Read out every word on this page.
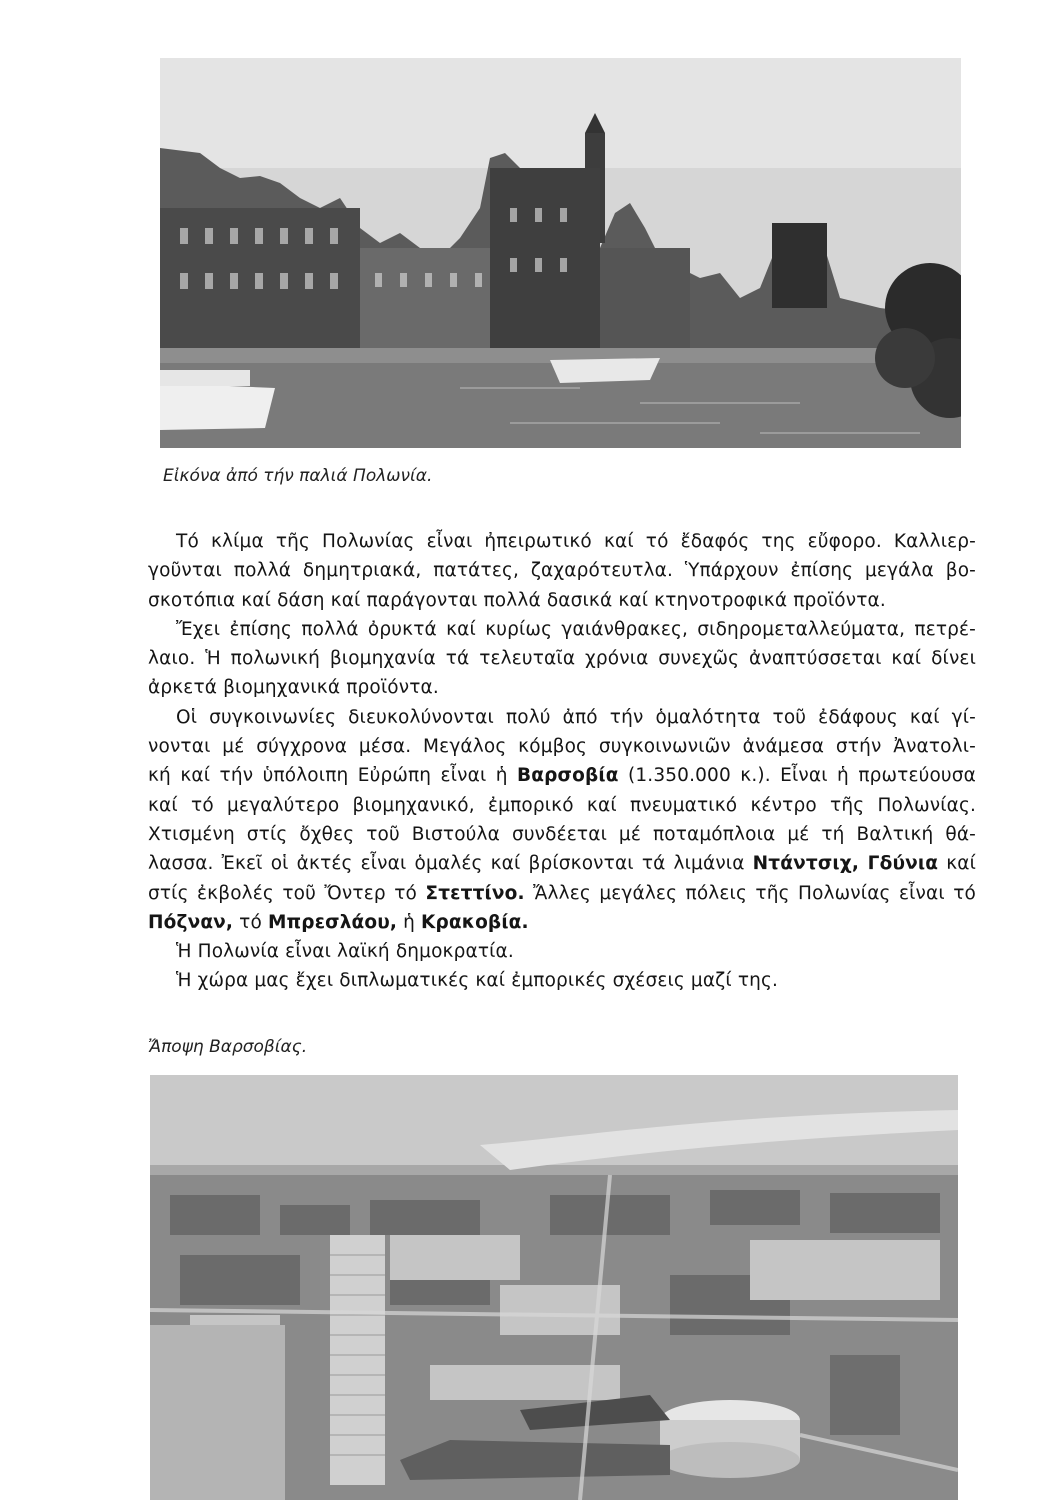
Εἰκόνα ἀπό τήν παλιά Πολωνία.
Τό κλίμα τῆς Πολωνίας εἶναι ἠπειρωτικό καί τό ἔδαφός της εὔφορο. Καλλιερ-
γοῦνται πολλά δημητριακά, πατάτες, ζαχαρότευτλα. Ὑπάρχουν ἐπίσης μεγάλα βο-
σκοτόπια καί δάση καί παράγονται πολλά δασικά καί κτηνοτροφικά προϊόντα.
Ἔχει ἐπίσης πολλά ὀρυκτά καί κυρίως γαιάνθρακες, σιδηρομεταλλεύματα, πετρέ-
λαιο. Ἡ πολωνική βιομηχανία τά τελευταῖα χρόνια συνεχῶς ἀναπτύσσεται καί δίνει
ἀρκετά βιομηχανικά προϊόντα.
Οἱ συγκοινωνίες διευκολύνονται πολύ ἀπό τήν ὁμαλότητα τοῦ ἐδάφους καί γί-
νονται μέ σύγχρονα μέσα. Μεγάλος κόμβος συγκοινωνιῶν ἀνάμεσα στήν Ἀνατολι-
κή καί τήν ὑπόλοιπη Εὐρώπη εἶναι ἡ Βαρσοβία (1.350.000 κ.). Εἶναι ἡ πρωτεύουσα
καί τό μεγαλύτερο βιομηχανικό, ἐμπορικό καί πνευματικό κέντρο τῆς Πολωνίας.
Χτισμένη στίς ὄχθες τοῦ Βιστούλα συνδέεται μέ ποταμόπλοια μέ τή Βαλτική θά-
λασσα. Ἐκεῖ οἱ ἀκτές εἶναι ὁμαλές καί βρίσκονται τά λιμάνια Ντάντσιχ, Γδύνια καί
στίς ἐκβολές τοῦ Ὄντερ τό Στεττίνο. Ἄλλες μεγάλες πόλεις τῆς Πολωνίας εἶναι τό
Πόζναν, τό Μπρεσλάου, ἡ Κρακοβία.
Ἡ Πολωνία εἶναι λαϊκή δημοκρατία.
Ἡ χώρα μας ἔχει διπλωματικές καί ἐμπορικές σχέσεις μαζί της.
Ἄποψη Βαρσοβίας.
